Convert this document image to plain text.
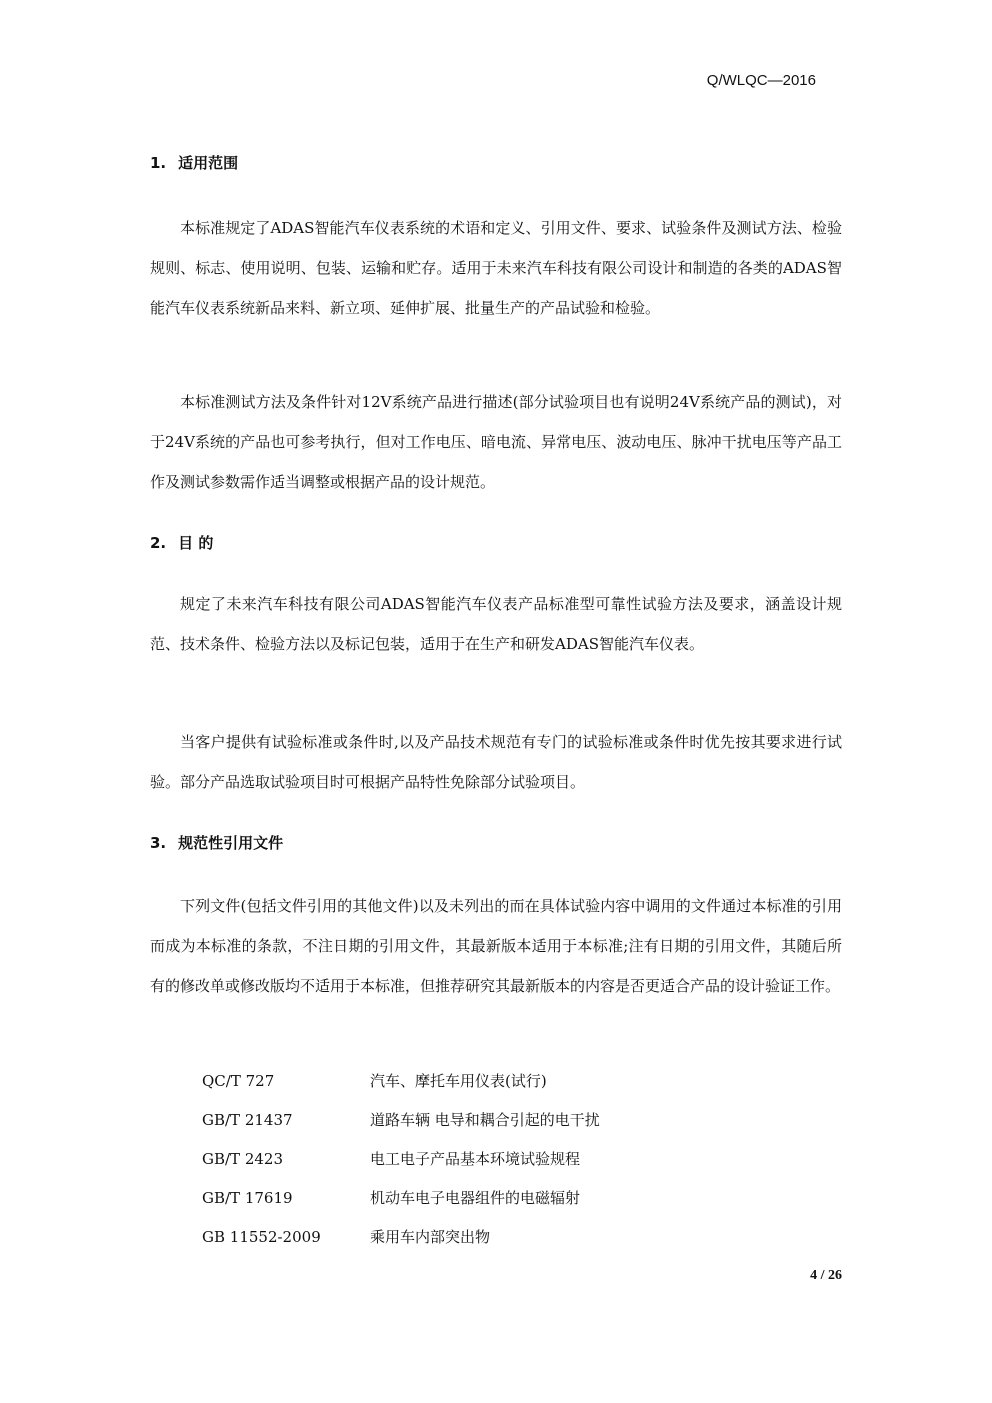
Q/WLQC—2016
1. 适用范围

本标准规定了ADAS智能汽车仪表系统的术语和定义、引用文件、要求、试验条件及测试方法、检验规则、标志、使用说明、包装、运输和贮存。适用于未来汽车科技有限公司设计和制造的各类的ADAS智能汽车仪表系统新品来料、新立项、延伸扩展、批量生产的产品试验和检验。

本标准测试方法及条件针对12V系统产品进行描述(部分试验项目也有说明24V系统产品的测试)，对于24V系统的产品也可参考执行，但对工作电压、暗电流、异常电压、波动电压、脉冲干扰电压等产品工作及测试参数需作适当调整或根据产品的设计规范。

2. 目 的

规定了未来汽车科技有限公司ADAS智能汽车仪表产品标准型可靠性试验方法及要求，涵盖设计规范、技术条件、检验方法以及标记包装，适用于在生产和研发ADAS智能汽车仪表。

当客户提供有试验标准或条件时,以及产品技术规范有专门的试验标准或条件时优先按其要求进行试验。部分产品选取试验项目时可根据产品特性免除部分试验项目。

3. 规范性引用文件

下列文件(包括文件引用的其他文件)以及未列出的而在具体试验内容中调用的文件通过本标准的引用而成为本标准的条款，不注日期的引用文件，其最新版本适用于本标准;注有日期的引用文件，其随后所有的修改单或修改版均不适用于本标准，但推荐研究其最新版本的内容是否更适合产品的设计验证工作。

QC/T 727	汽车、摩托车用仪表(试行)
GB/T 21437	道路车辆 电导和耦合引起的电干扰
GB/T 2423	电工电子产品基本环境试验规程
GB/T 17619	机动车电子电器组件的电磁辐射
GB 11552-2009	乘用车内部突出物
4 / 26
